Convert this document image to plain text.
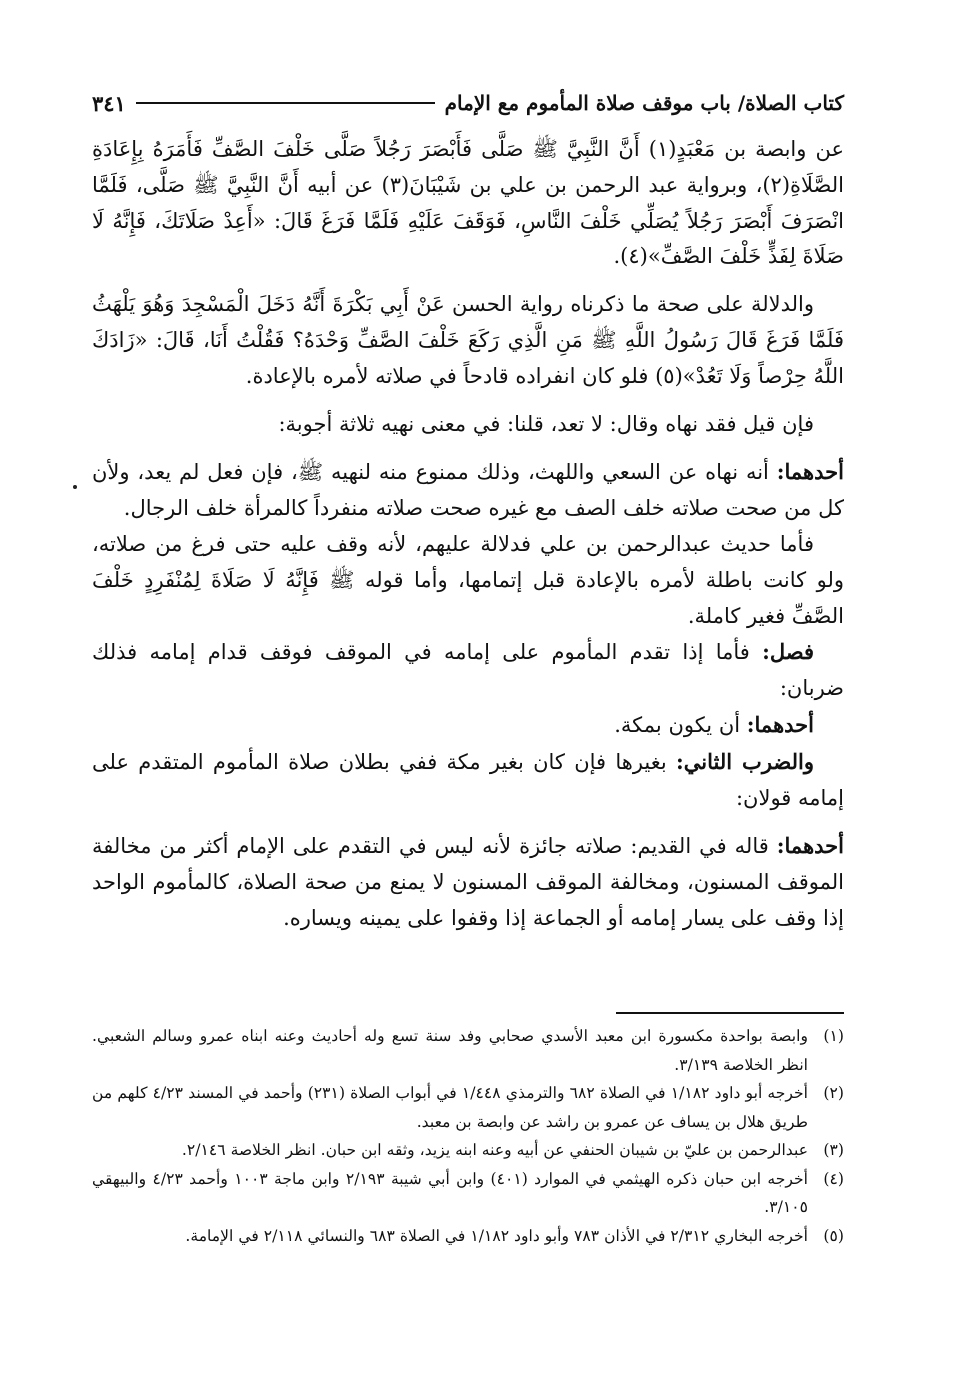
كتاب الصلاة/ باب موقف صلاة المأموم مع الإمام
٣٤١

عن وابصة بن مَعْبَدٍ(١) أَنَّ النَّبِيَّ ﷺ صَلَّى فَأَبْصَرَ رَجُلاً صَلَّى خَلْفَ الصَّفِّ فَأَمَرَهُ بِإِعَادَةِ الصَّلَاةِ(٢)، وبرواية عبد الرحمن بن علي بن شَيْبَانَ(٣) عن أبيه أَنَّ النَّبِيَّ ﷺ صَلَّى، فَلَمَّا انْصَرَفَ أَبْصَرَ رَجُلاً يُصَلِّي خَلْفَ النَّاسِ، فَوَقَفَ عَلَيْهِ فَلَمَّا فَرَغَ قَالَ: «أَعِدْ صَلَاتَكَ، فَإِنَّهُ لَا صَلَاةَ لِفَذٍّ خَلْفَ الصَّفِّ»(٤).

والدلالة على صحة ما ذكرناه رواية الحسن عَنْ أَبِي بَكْرَةَ أَنَّهُ دَخَلَ الْمَسْجِدَ وَهُوَ يَلْهَثُ فَلَمَّا فَرَغَ قَالَ رَسُولُ اللَّهِ ﷺ مَنِ الَّذِي رَكَعَ خَلْفَ الصَّفِّ وَحْدَهُ؟ فَقُلْتُ أَنَا، قَالَ: «زَادَكَ اللَّهُ حِرْصاً وَلَا تَعُدْ»(٥) فلو كان انفراده قادحاً في صلاته لأمره بالإعادة.

فإن قيل فقد نهاه وقال: لا تعد، قلنا: في معنى نهيه ثلاثة أجوبة:

أحدهما: أنه نهاه عن السعي واللهث، وذلك ممنوع منه لنهيه ﷺ، فإن فعل لم يعد، ولأن كل من صحت صلاته خلف الصف مع غيره صحت صلاته منفرداً كالمرأة خلف الرجال.

فأما حديث عبدالرحمن بن علي فدلالة عليهم، لأنه وقف عليه حتى فرغ من صلاته، ولو كانت باطلة لأمره بالإعادة قبل إتمامها، وأما قوله ﷺ فَإِنَّهُ لَا صَلَاةَ لِمُنْفَرِدٍ خَلْفَ الصَّفِّ فغير كاملة.

فصل: فأما إذا تقدم المأموم على إمامه في الموقف فوقف قدام إمامه فذلك ضربان:

أحدهما: أن يكون بمكة.

والضرب الثاني: بغيرها فإن كان بغير مكة ففي بطلان صلاة المأموم المتقدم على إمامه قولان:

أحدهما: قاله في القديم: صلاته جائزة لأنه ليس في التقدم على الإمام أكثر من مخالفة الموقف المسنون، ومخالفة الموقف المسنون لا يمنع من صحة الصلاة، كالمأموم الواحد إذا وقف على يسار إمامه أو الجماعة إذا وقفوا على يمينه ويساره.

(١)
وابصة بواحدة مكسورة ابن معبد الأسدي صحابي وفد سنة تسع وله أحاديث وعنه ابناه عمرو وسالم الشعبي. انظر الخلاصة ٣/١٣٩.

(٢)
أخرجه أبو داود ١/١٨٢ في الصلاة ٦٨٢ والترمذي ١/٤٤٨ في أبواب الصلاة (٢٣١) وأحمد في المسند ٤/٢٣ كلهم من طريق هلال بن يساف عن عمرو بن راشد عن وابصة بن معبد.

(٣)
عبدالرحمن بن عليّ بن شيبان الحنفي عن أبيه وعنه ابنه يزيد، وثقه ابن حبان. انظر الخلاصة ٢/١٤٦.

(٤)
أخرجه ابن حبان ذكره الهيثمي في الموارد (٤٠١) وابن أبي شيبة ٢/١٩٣ وابن ماجة ١٠٠٣ وأحمد ٤/٢٣ والبيهقي ٣/١٠٥.

(٥)
أخرجه البخاري ٢/٣١٢ في الأذان ٧٨٣ وأبو داود ١/١٨٢ في الصلاة ٦٨٣ والنسائي ٢/١١٨ في الإمامة.
